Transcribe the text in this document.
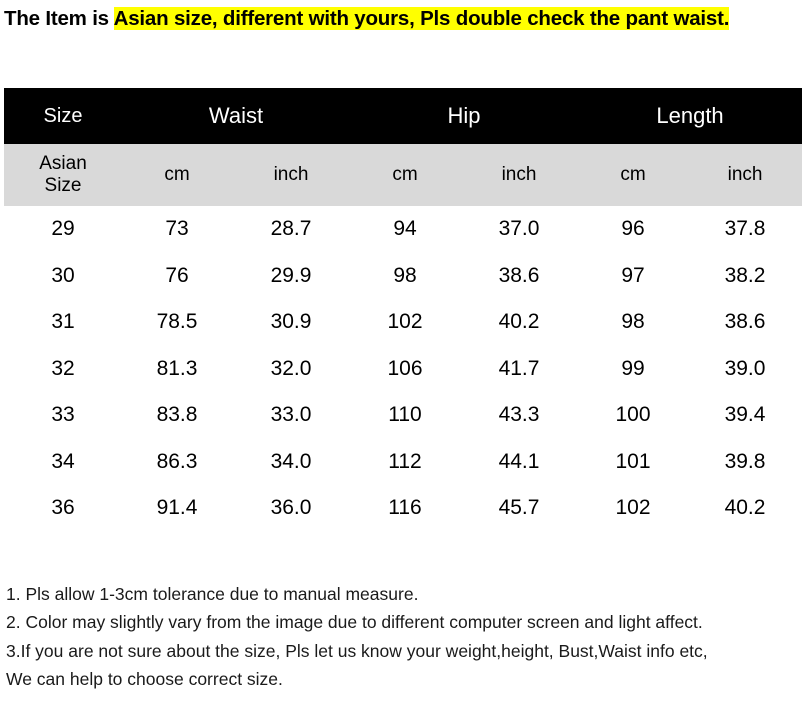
The Item is Asian size, different with yours, Pls double check the pant waist.
Size	Waist		Hip		Length	

Asian
Size	cm	inch	cm	inch	cm	inch
29	73	28.7	94	37.0	96	37.8
30	76	29.9	98	38.6	97	38.2
31	78.5	30.9	102	40.2	98	38.6
32	81.3	32.0	106	41.7	99	39.0
33	83.8	33.0	110	43.3	100	39.4
34	86.3	34.0	112	44.1	101	39.8
36	91.4	36.0	116	45.7	102	40.2
1. Pls allow 1-3cm tolerance due to manual measure.
2. Color may slightly vary from the image due to different computer screen and light affect.
3.If you are not sure about the size, Pls let us know your weight,height, Bust,Waist info etc,
We can help to choose correct size.
